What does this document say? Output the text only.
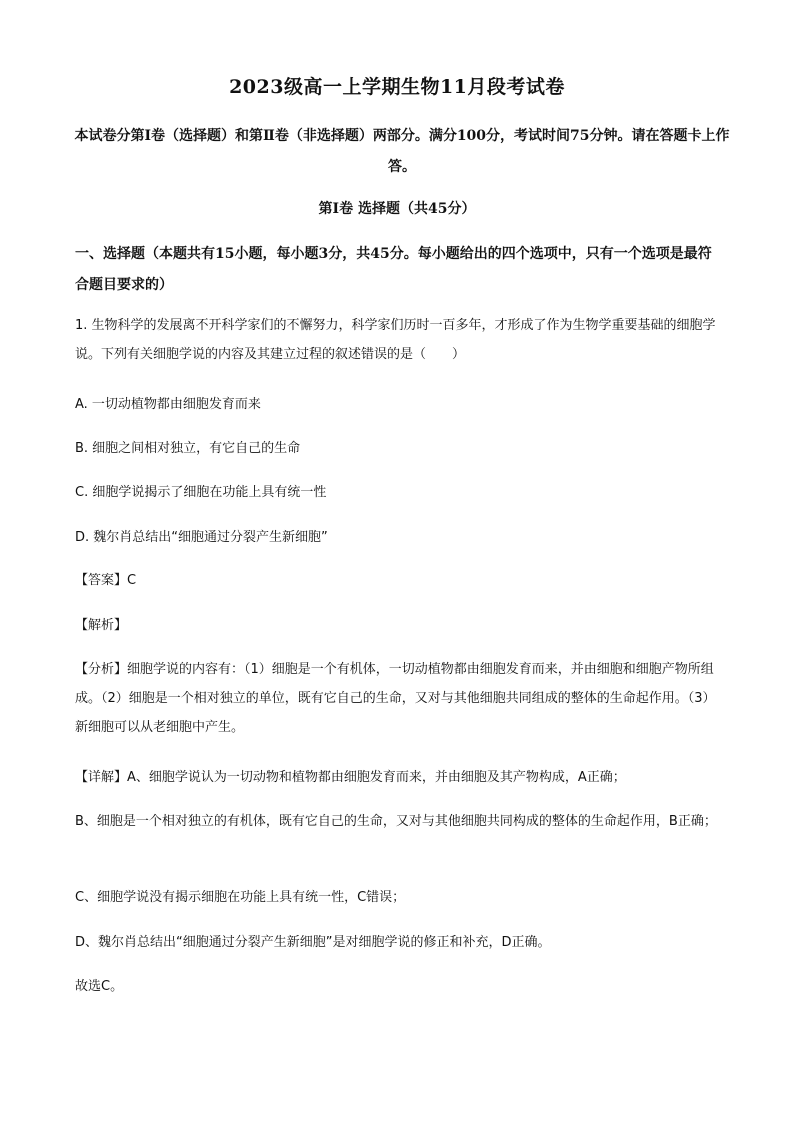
2023级高一上学期生物11月段考试卷
本试卷分第Ⅰ卷（选择题）和第Ⅱ卷（非选择题）两部分。满分100分，考试时间75分钟。请在答题卡上作答。
第Ⅰ卷 选择题（共45分）
一、选择题（本题共有15小题，每小题3分，共45分。每小题给出的四个选项中，只有一个选项是最符合题目要求的）
1. 生物科学的发展离不开科学家们的不懈努力，科学家们历时一百多年，才形成了作为生物学重要基础的细胞学说。下列有关细胞学说的内容及其建立过程的叙述错误的是（　　）
A. 一切动植物都由细胞发育而来
B. 细胞之间相对独立，有它自己的生命
C. 细胞学说揭示了细胞在功能上具有统一性
D. 魏尔肖总结出“细胞通过分裂产生新细胞”
【答案】C
【解析】
【分析】细胞学说的内容有：（1）细胞是一个有机体，一切动植物都由细胞发育而来，并由细胞和细胞产物所组成。（2）细胞是一个相对独立的单位，既有它自己的生命，又对与其他细胞共同组成的整体的生命起作用。（3）新细胞可以从老细胞中产生。
【详解】A、细胞学说认为一切动物和植物都由细胞发育而来，并由细胞及其产物构成，A正确；
B、细胞是一个相对独立的有机体，既有它自己的生命，又对与其他细胞共同构成的整体的生命起作用，B正确；
C、细胞学说没有揭示细胞在功能上具有统一性，C错误；
D、魏尔肖总结出“细胞通过分裂产生新细胞”是对细胞学说的修正和补充，D正确。
故选C。
